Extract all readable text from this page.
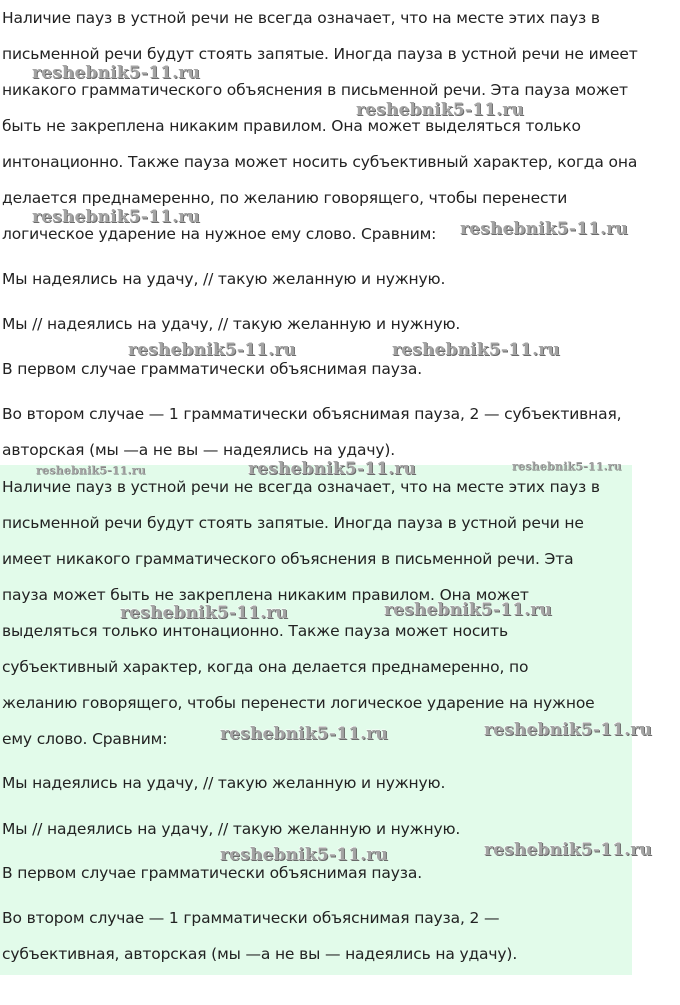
Наличие пауз в устной речи не всегда означает, что на месте этих пауз в

письменной речи будут стоять запятые. Иногда пауза в устной речи не имеет

никакого грамматического объяснения в письменной речи. Эта пауза может

быть не закреплена никаким правилом. Она может выделяться только

интонационно. Также пауза может носить субъективный характер, когда она

делается преднамеренно, по желанию говорящего, чтобы перенести

логическое ударение на нужное ему слово. Сравним:

Мы надеялись на удачу, // такую желанную и нужную.

Мы // надеялись на удачу, // такую желанную и нужную.

В первом случае грамматически объяснимая пауза.

Во втором случае — 1 грамматически объяснимая пауза, 2 — субъективная,

авторская (мы —а не вы — надеялись на удачу).

Наличие пауз в устной речи не всегда означает, что на месте этих пауз в

письменной речи будут стоять запятые. Иногда пауза в устной речи не

имеет никакого грамматического объяснения в письменной речи. Эта

пауза может быть не закреплена никаким правилом. Она может

выделяться только интонационно. Также пауза может носить

субъективный характер, когда она делается преднамеренно, по

желанию говорящего, чтобы перенести логическое ударение на нужное

ему слово. Сравним:

Мы надеялись на удачу, // такую желанную и нужную.

Мы // надеялись на удачу, // такую желанную и нужную.

В первом случае грамматически объяснимая пауза.

Во втором случае — 1 грамматически объяснимая пауза, 2 —

субъективная, авторская (мы —а не вы — надеялись на удачу).

reshebnik5-11.ru
reshebnik5-11.ru
reshebnik5-11.ru
reshebnik5-11.ru
reshebnik5-11.ru	reshebnik5-11.ru
reshebnik5-11.ru	reshebnik5-11.ru	reshebnik5-11.ru
reshebnik5-11.ru	reshebnik5-11.ru
reshebnik5-11.ru	reshebnik5-11.ru
reshebnik5-11.ru	reshebnik5-11.ru
